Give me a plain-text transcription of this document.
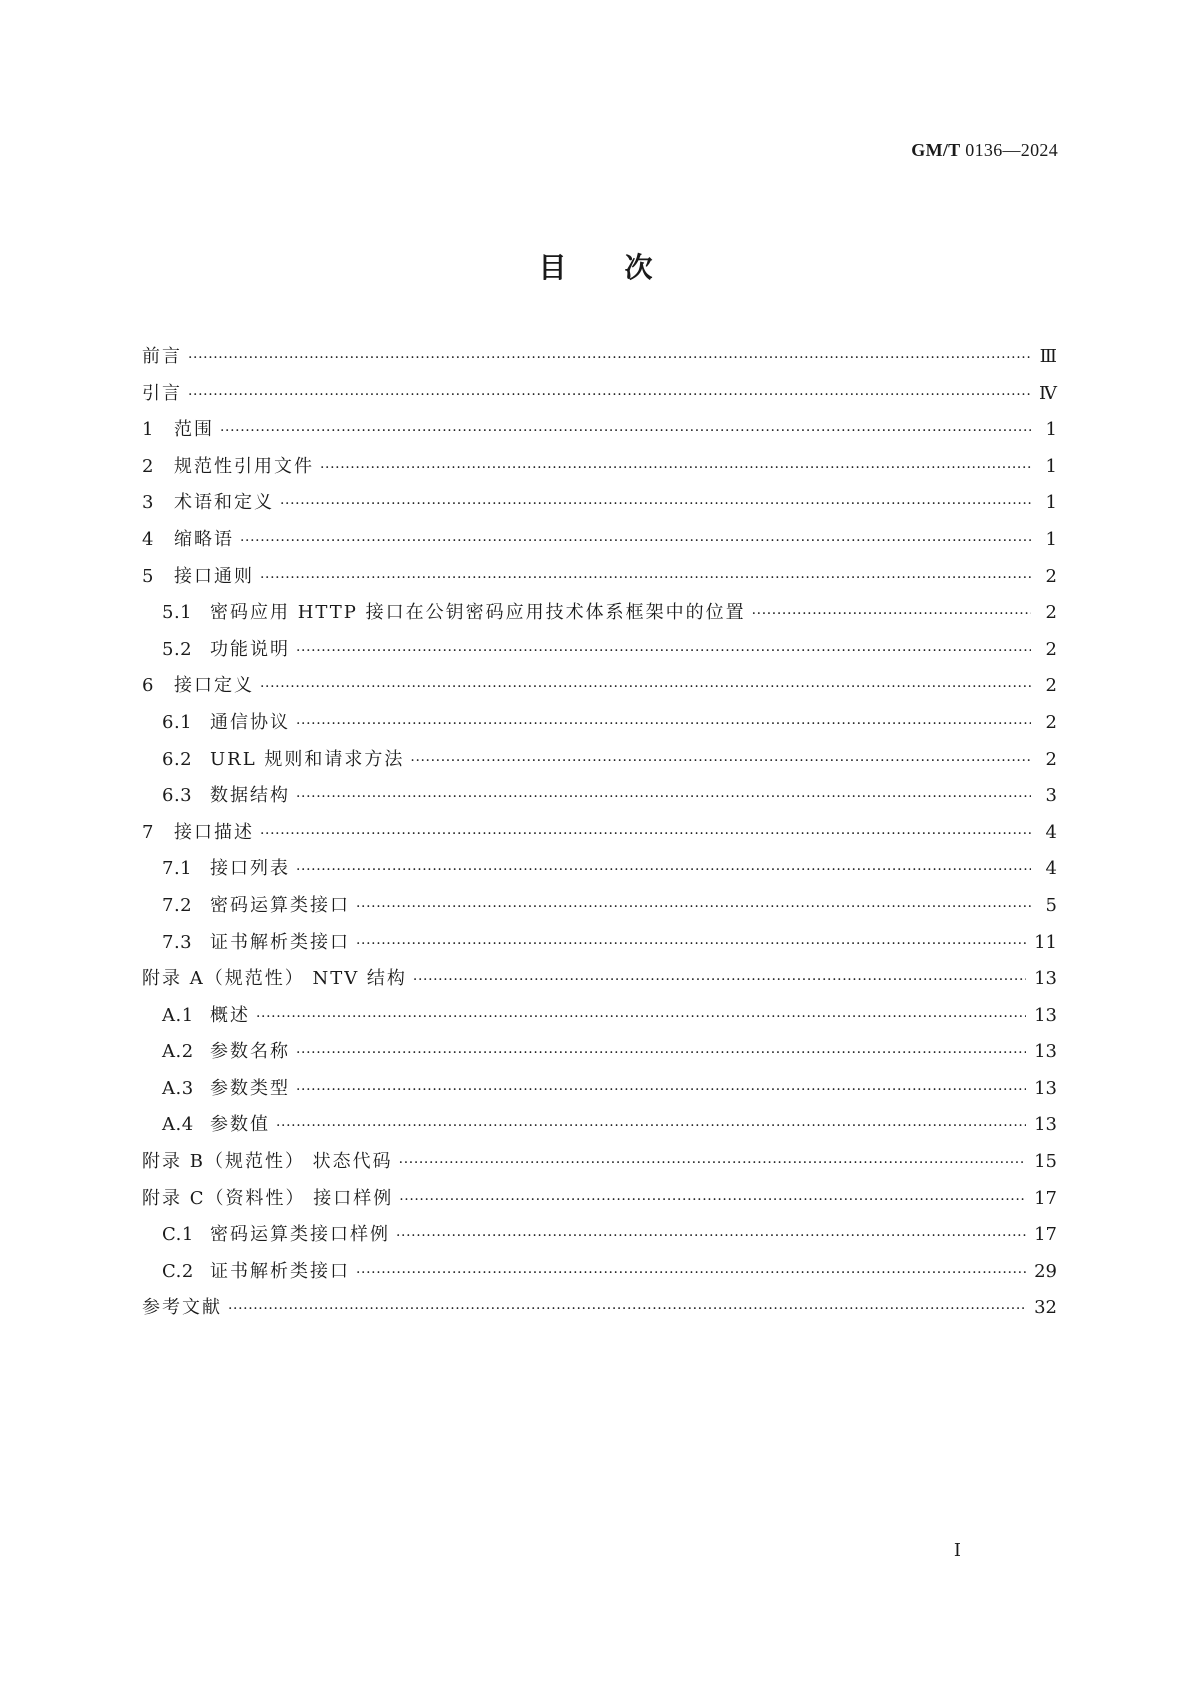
GM/T 0136—2024
目次
前言 ·····	Ⅲ
引言 ·····	Ⅳ
1	范围 ·····	1
2	规范性引用文件 ·····	1
3	术语和定义 ·····	1
4	缩略语 ·····	1
5	接口通则 ·····	2
5.1 密码应用 HTTP 接口在公钥密码应用技术体系框架中的位置 ·····	2
5.2 功能说明 ·····	2
6	接口定义 ·····	2
6.1 通信协议 ·····	2
6.2 URL 规则和请求方法 ·····	2
6.3 数据结构 ·····	3
7	接口描述 ·····	4
7.1 接口列表 ·····	4
7.2 密码运算类接口 ·····	5
7.3 证书解析类接口 ·····	11
附录 A（规范性） NTV 结构 ·····	13
A.1 概述 ·····	13
A.2 参数名称 ·····	13
A.3 参数类型 ·····	13
A.4 参数值 ·····	13
附录 B（规范性） 状态代码 ·····	15
附录 C（资料性） 接口样例 ·····	17
C.1 密码运算类接口样例 ·····	17
C.2 证书解析类接口 ·····	29
参考文献 ·····	32
Ⅰ
